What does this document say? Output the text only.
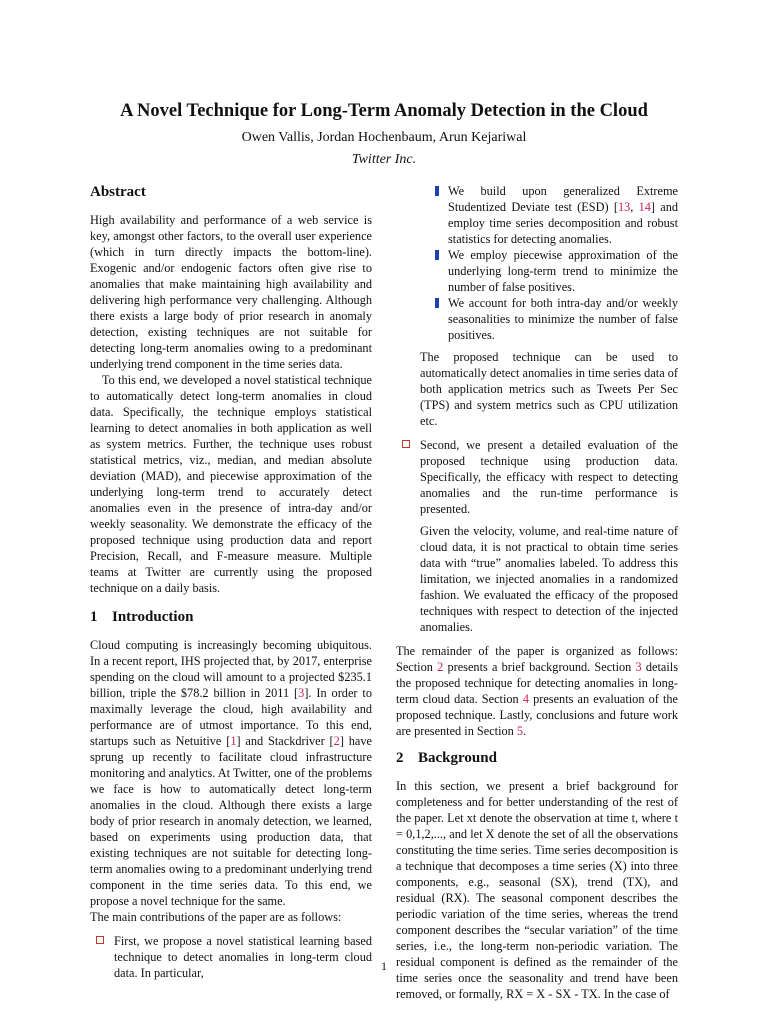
A Novel Technique for Long-Term Anomaly Detection in the Cloud
Owen Vallis, Jordan Hochenbaum, Arun Kejariwal
Twitter Inc.
Abstract

High availability and performance of a web service is key, amongst other factors, to the overall user experience (which in turn directly impacts the bottom-line). Exogenic and/or endogenic factors often give rise to anomalies that make maintaining high availability and delivering high performance very challenging. Although there exists a large body of prior research in anomaly detection, existing techniques are not suitable for detecting long-term anomalies owing to a predominant underlying trend component in the time series data.

To this end, we developed a novel statistical technique to automatically detect long-term anomalies in cloud data. Specifically, the technique employs statistical learning to detect anomalies in both application as well as system metrics. Further, the technique uses robust statistical metrics, viz., median, and median absolute deviation (MAD), and piecewise approximation of the underlying long-term trend to accurately detect anomalies even in the presence of intra-day and/or weekly seasonality. We demonstrate the efficacy of the proposed technique using production data and report Precision, Recall, and F-measure measure. Multiple teams at Twitter are currently using the proposed technique on a daily basis.

1 Introduction

Cloud computing is increasingly becoming ubiquitous. In a recent report, IHS projected that, by 2017, enterprise spending on the cloud will amount to a projected $235.1 billion, triple the $78.2 billion in 2011 [3]. In order to maximally leverage the cloud, high availability and performance are of utmost importance. To this end, startups such as Netuitive [1] and Stackdriver [2] have sprung up recently to facilitate cloud infrastructure monitoring and analytics. At Twitter, one of the problems we face is how to automatically detect long-term anomalies in the cloud. Although there exists a large body of prior research in anomaly detection, we learned, based on experiments using production data, that existing techniques are not suitable for detecting long-term anomalies owing to a predominant underlying trend component in the time series data. To this end, we propose a novel technique for the same.

The main contributions of the paper are as follows:

First, we propose a novel statistical learning based technique to detect anomalies in long-term cloud data. In particular,
We build upon generalized Extreme Studentized Deviate test (ESD) [13, 14] and employ time series decomposition and robust statistics for detecting anomalies.
We employ piecewise approximation of the underlying long-term trend to minimize the number of false positives.
We account for both intra-day and/or weekly seasonalities to minimize the number of false positives.

The proposed technique can be used to automatically detect anomalies in time series data of both application metrics such as Tweets Per Sec (TPS) and system metrics such as CPU utilization etc.

Second, we present a detailed evaluation of the proposed technique using production data. Specifically, the efficacy with respect to detecting anomalies and the run-time performance is presented.

Given the velocity, volume, and real-time nature of cloud data, it is not practical to obtain time series data with “true” anomalies labeled. To address this limitation, we injected anomalies in a randomized fashion. We evaluated the efficacy of the proposed techniques with respect to detection of the injected anomalies.

The remainder of the paper is organized as follows: Section 2 presents a brief background. Section 3 details the proposed technique for detecting anomalies in long-term cloud data. Section 4 presents an evaluation of the proposed technique. Lastly, conclusions and future work are presented in Section 5.

2 Background

In this section, we present a brief background for completeness and for better understanding of the rest of the paper. Let xt denote the observation at time t, where t = 0,1,2,..., and let X denote the set of all the observations constituting the time series. Time series decomposition is a technique that decomposes a time series (X) into three components, e.g., seasonal (SX), trend (TX), and residual (RX). The seasonal component describes the periodic variation of the time series, whereas the trend component describes the “secular variation” of the time series, i.e., the long-term non-periodic variation. The residual component is defined as the remainder of the time series once the seasonality and trend have been removed, or formally, RX = X - SX - TX. In the case of

1
